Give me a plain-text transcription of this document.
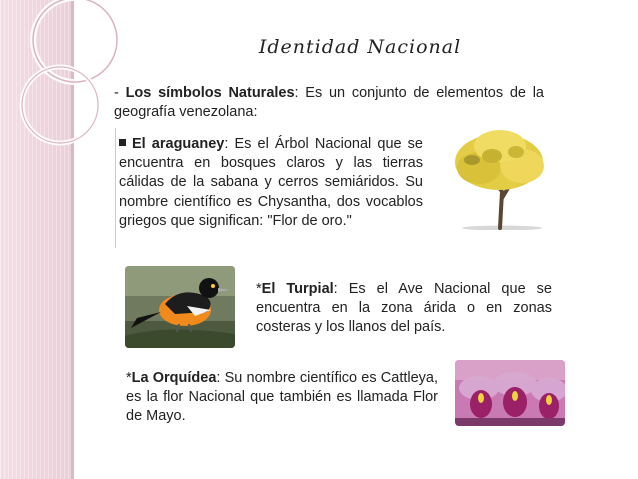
Identidad Nacional
- Los símbolos Naturales: Es un conjunto de elementos de la geografía venezolana:
El araguaney: Es el Árbol Nacional que se encuentra en bosques claros y las tierras cálidas de la sabana y cerros semiáridos. Su nombre científico es Chysantha, dos vocablos griegos que significan: "Flor de oro."
*El Turpial: Es el Ave Nacional que se encuentra en la zona árida o en zonas costeras y los llanos del país.
*La Orquídea: Su nombre científico es Cattleya, es la flor Nacional que también es llamada Flor de Mayo.
